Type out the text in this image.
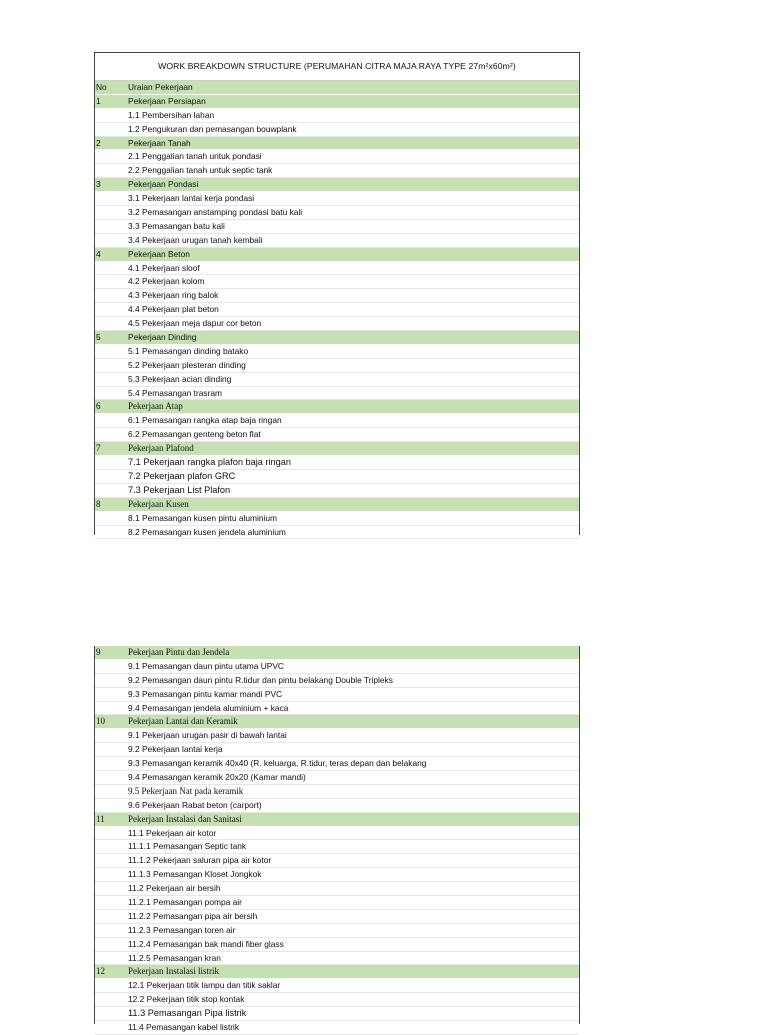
WORK BREAKDOWN STRUCTURE (PERUMAHAN CITRA MAJA RAYA TYPE 27m²x60m²)
No	Uraian Pekerjaan
1	Pekerjaan Persiapan
1.1 Pembersihan lahan
1.2 Pengukuran dan pemasangan bouwplank
2	Pekerjaan Tanah
2.1 Penggalian tanah untuk pondasi
2.2 Penggalian tanah untuk septic tank
3	Pekerjaan Pondasi
3.1 Pekerjaan lantai kerja pondasi
3.2 Pemasangan anstamping pondasi batu kali
3.3 Pemasangan batu kali
3.4 Pekerjaan urugan tanah kembali
4	Pekerjaan Beton
4.1 Pekerjaan sloof
4.2 Pekerjaan kolom
4.3 Pekerjaan ring balok
4.4 Pekerjaan plat beton
4.5 Pekerjaan meja dapur cor beton
5	Pekerjaan Dinding
5.1 Pemasangan dinding batako
5.2 Pekerjaan plesteran dinding
5.3 Pekerjaan acian dinding
5.4 Pemasangan trasram
6	Pekerjaan Atap
6.1 Pemasangan rangka atap baja ringan
6.2 Pemasangan genteng beton flat
7	Pekerjaan Plafond
7.1 Pekerjaan rangka plafon baja ringan
7.2 Pekerjaan plafon GRC
7.3 Pekerjaan List Plafon
8	Pekerjaan Kusen
8.1 Pemasangan kusen pintu aluminium
8.2 Pemasangan kusen jendela aluminium
9	Pekerjaan Pintu dan Jendela
9.1 Pemasangan daun pintu utama UPVC
9.2 Pemasangan daun pintu R.tidur dan pintu belakang Double Tripleks
9.3 Pemasangan pintu kamar mandi PVC
9.4 Pemasangan jendela aluminium + kaca
10	Pekerjaan Lantai dan Keramik
9.1 Pekerjaan urugan pasir di bawah lantai
9.2 Pekerjaan lantai kerja
9.3 Pemasangan keramik 40x40 (R. keluarga, R.tidur, teras depan dan belakang
9.4 Pemasangan keramik 20x20 (Kamar mandi)
9.5 Pekerjaan Nat pada keramik
9.6 Pekerjaan Rabat beton (carport)
11	Pekerjaan Instalasi dan Sanitasi
11.1 Pekerjaan air kotor
11.1.1 Pemasangan Septic tank
11.1.2 Pekerjaan saluran pipa air kotor
11.1.3 Pemasangan Kloset Jongkok
11.2 Pekerjaan air bersih
11.2.1 Pemasangan pompa air
11.2.2 Pemasangan pipa air bersih
11.2.3 Pemasangan toren air
11.2.4 Pemasangan bak mandi fiber glass
11.2.5 Pemasangan kran
12	Pekerjaan Instalasi listrik
12.1 Pekerjaan titik lampu dan titik saklar
12.2 Pekerjaan titik stop kontak
11.3 Pemasangan Pipa listrik
11.4 Pemasangan kabel listrik
